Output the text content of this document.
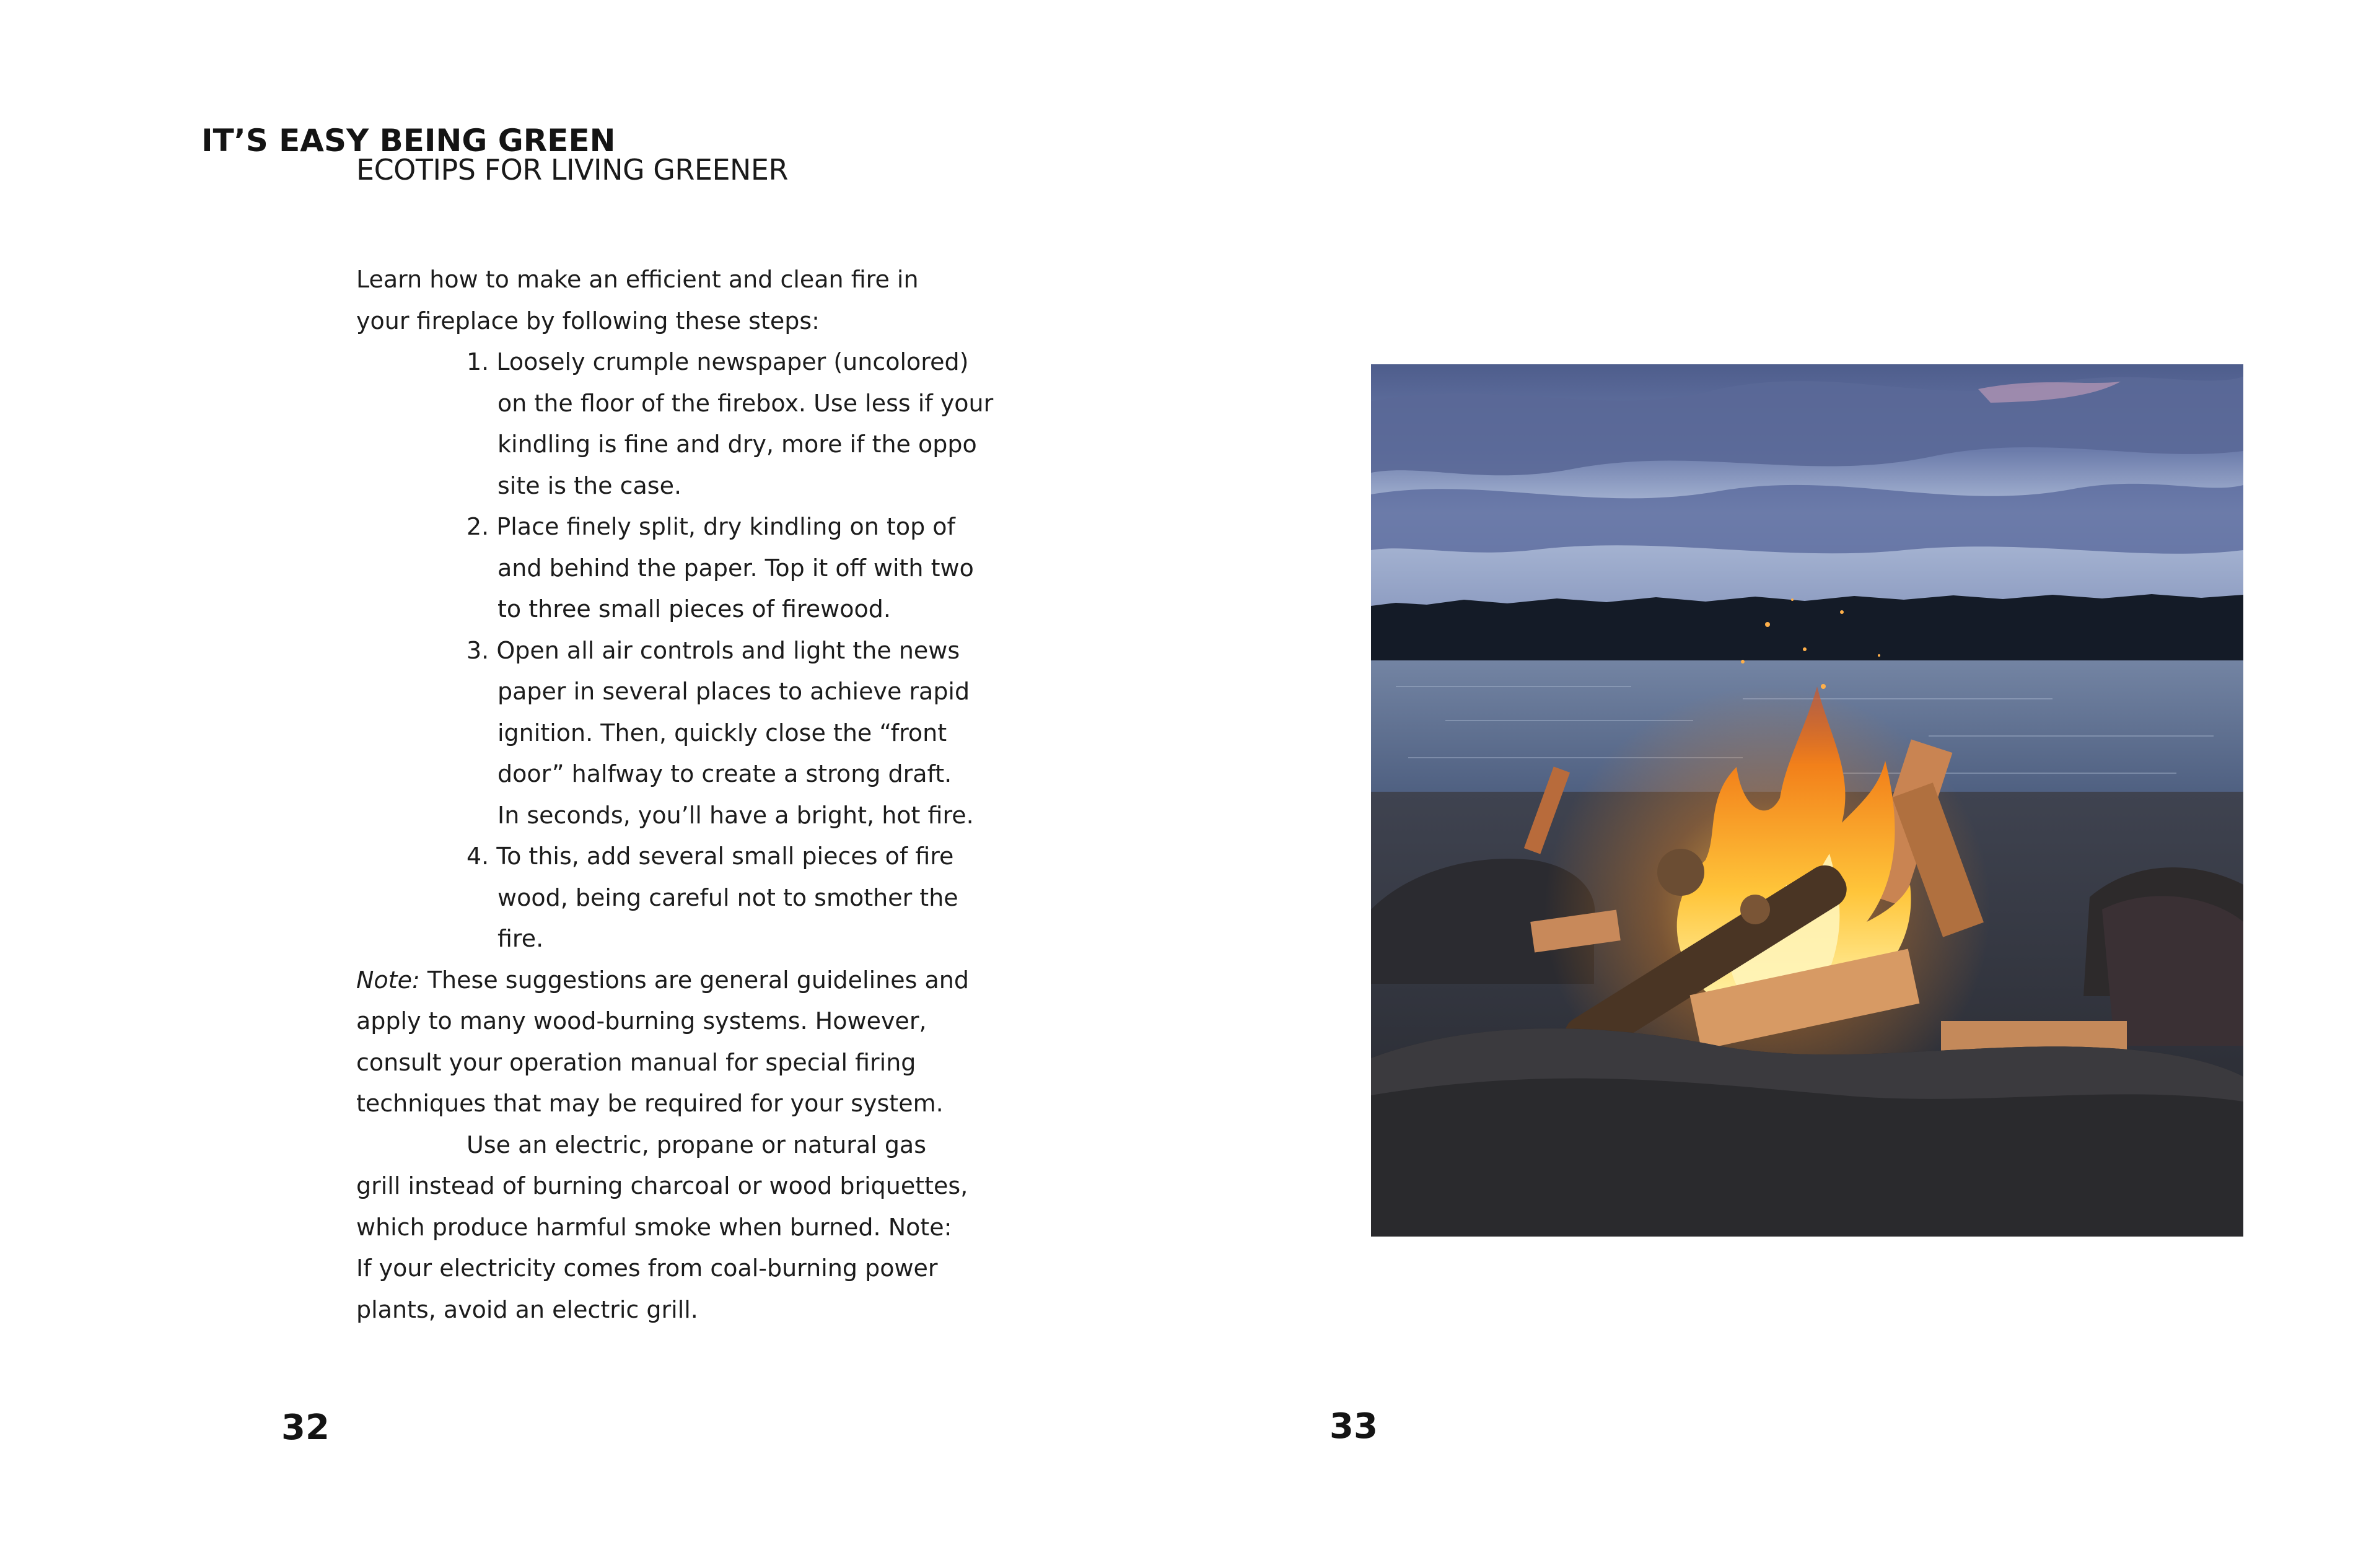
IT’S EASY BEING GREEN
ECOTIPS FOR LIVING GREENER

Learn how to make an efficient and clean fire in

your fireplace by following these steps:

1. Loosely crumple newspaper (uncolored)
on the floor of the firebox. Use less if your
kindling is fine and dry, more if the oppo
site is the case.
2. Place finely split, dry kindling on top of
and behind the paper. Top it off with two
to three small pieces of firewood.
3. Open all air controls and light the news
paper in several places to achieve rapid
ignition. Then, quickly close the “front
door” halfway to create a strong draft.
In seconds, you’ll have a bright, hot fire.
4. To this, add several small pieces of fire
wood, being careful not to smother the
fire.

Note: These suggestions are general guidelines and

apply to many wood-burning systems. However,

consult your operation manual for special firing

techniques that may be required for your system.

Use an electric, propane or natural gas

grill instead of burning charcoal or wood briquettes,

which produce harmful smoke when burned. Note:

If your electricity comes from coal-burning power

plants, avoid an electric grill.

32	33
